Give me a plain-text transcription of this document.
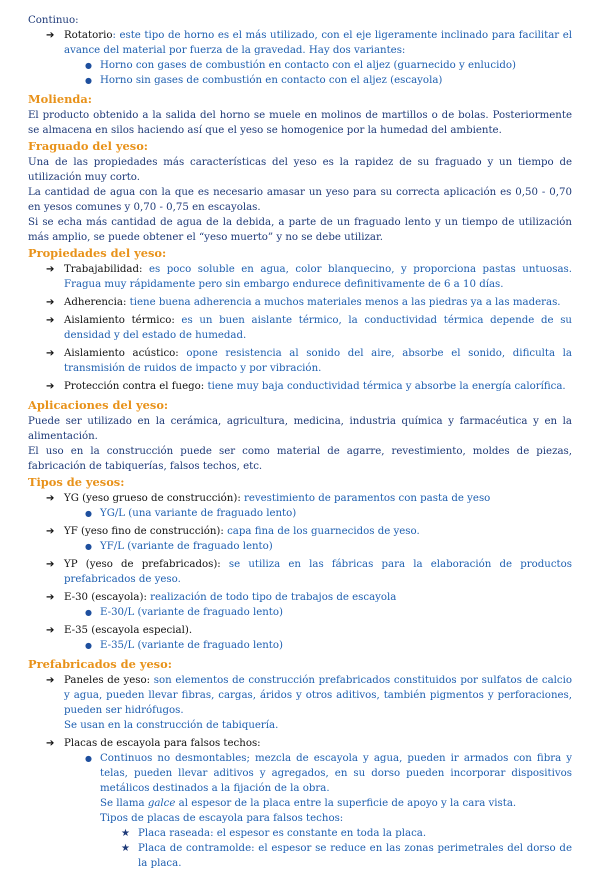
Continuo:

➔ Rotatorio: este tipo de horno es el más utilizado, con el eje ligeramente inclinado para facilitar el avance del material por fuerza de la gravedad. Hay dos variantes:
● Horno con gases de combustión en contacto con el aljez (guarnecido y enlucido)
● Horno sin gases de combustión en contacto con el aljez (escayola)

Molienda:

El producto obtenido a la salida del horno se muele en molinos de martillos o de bolas. Posteriormente se almacena en silos haciendo así que el yeso se homogenice por la humedad del ambiente.

Fraguado del yeso:

Una de las propiedades más características del yeso es la rapidez de su fraguado y un tiempo de utilización muy corto.

La cantidad de agua con la que es necesario amasar un yeso para su correcta aplicación es 0,50 - 0,70 en yesos comunes y 0,70 - 0,75 en escayolas.

Si se echa más cantidad de agua de la debida, a parte de un fraguado lento y un tiempo de utilización más amplio, se puede obtener el “yeso muerto” y no se debe utilizar.

Propiedades del yeso:

➔ Trabajabilidad: es poco soluble en agua, color blanquecino, y proporciona pastas untuosas. Fragua muy rápidamente pero sin embargo endurece definitivamente de 6 a 10 días.
➔ Adherencia: tiene buena adherencia a muchos materiales menos a las piedras ya a las maderas.
➔ Aislamiento térmico: es un buen aislante térmico, la conductividad térmica depende de su densidad y del estado de humedad.
➔ Aislamiento acústico: opone resistencia al sonido del aire, absorbe el sonido, dificulta la transmisión de ruidos de impacto y por vibración.
➔ Protección contra el fuego: tiene muy baja conductividad térmica y absorbe la energía calorífica.

Aplicaciones del yeso:

Puede ser utilizado en la cerámica, agricultura, medicina, industria química y farmacéutica y en la alimentación.

El uso en la construcción puede ser como material de agarre, revestimiento, moldes de piezas, fabricación de tabiquerías, falsos techos, etc.

Tipos de yesos:

➔ YG (yeso grueso de construcción): revestimiento de paramentos con pasta de yeso
● YG/L (una variante de fraguado lento)
➔ YF (yeso fino de construcción): capa fina de los guarnecidos de yeso.
● YF/L (variante de fraguado lento)
➔ YP (yeso de prefabricados): se utiliza en las fábricas para la elaboración de productos prefabricados de yeso.
➔ E-30 (escayola): realización de todo tipo de trabajos de escayola
● E-30/L (variante de fraguado lento)
➔ E-35 (escayola especial).
● E-35/L (variante de fraguado lento)

Prefabricados de yeso:

➔ Paneles de yeso: son elementos de construcción prefabricados constituidos por sulfatos de calcio y agua, pueden llevar fibras, cargas, áridos y otros aditivos, también pigmentos y perforaciones, pueden ser hidrófugos.
Se usan en la construcción de tabiquería.
➔ Placas de escayola para falsos techos:
● Continuos no desmontables; mezcla de escayola y agua, pueden ir armados con fibra y telas, pueden llevar aditivos y agregados, en su dorso pueden incorporar dispositivos metálicos destinados a la fijación de la obra.
Se llama galce al espesor de la placa entre la superficie de apoyo y la cara vista.
Tipos de placas de escayola para falsos techos:
★ Placa raseada: el espesor es constante en toda la placa.
★ Placa de contramolde: el espesor se reduce en las zonas perimetrales del dorso de la placa.
